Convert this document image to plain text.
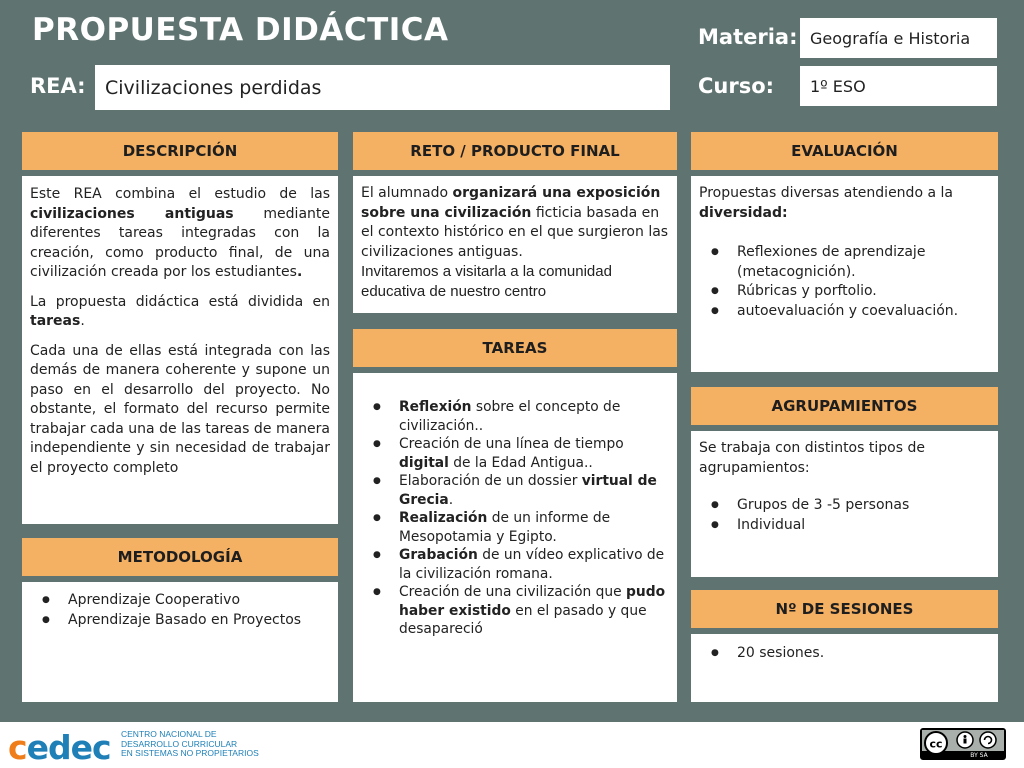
PROPUESTA DIDÁCTICA
REA:	Civilizaciones perdidas
Materia: Geografía e Historia
Curso:	1º ESO
DESCRIPCIÓN

Este REA combina el estudio de las civilizaciones antiguas mediante diferentes tareas integradas con la creación, como producto final, de una civilización creada por los estudiantes.

La propuesta didáctica está dividida en tareas.

Cada una de ellas está integrada con las demás de manera coherente y supone un paso en el desarrollo del proyecto. No obstante, el formato del recurso permite trabajar cada una de las tareas de manera independiente y sin necesidad de trabajar el proyecto completo

METODOLOGÍA
● Aprendizaje Cooperativo
● Aprendizaje Basado en Proyectos
RETO / PRODUCTO FINAL
El alumnado organizará una exposición sobre una civilización ficticia basada en el contexto histórico en el que surgieron las civilizaciones antiguas.
Invitaremos a visitarla a la comunidad educativa de nuestro centro
TAREAS
● Reflexión sobre el concepto de civilización..
● Creación de una línea de tiempo digital de la Edad Antigua..
● Elaboración de un dossier virtual de Grecia.
● Realización de un informe de Mesopotamia y Egipto.
● Grabación de un vídeo explicativo de la civilización romana.
● Creación de una civilización que pudo haber existido en el pasado y que desapareció
EVALUACIÓN
Propuestas diversas atendiendo a la diversidad:
● Reflexiones de aprendizaje (metacognición).
● Rúbricas y porftolio.
● autoevaluación y coevaluación.
AGRUPAMIENTOS
Se trabaja con distintos tipos de agrupamientos:
● Grupos de 3 -5 personas
● Individual
Nº DE SESIONES
● 20 sesiones.
cedec CENTRO NACIONAL DE
DESARROLLO CURRICULAR
EN SISTEMAS NO PROPIETARIOS
cc
BY SA
